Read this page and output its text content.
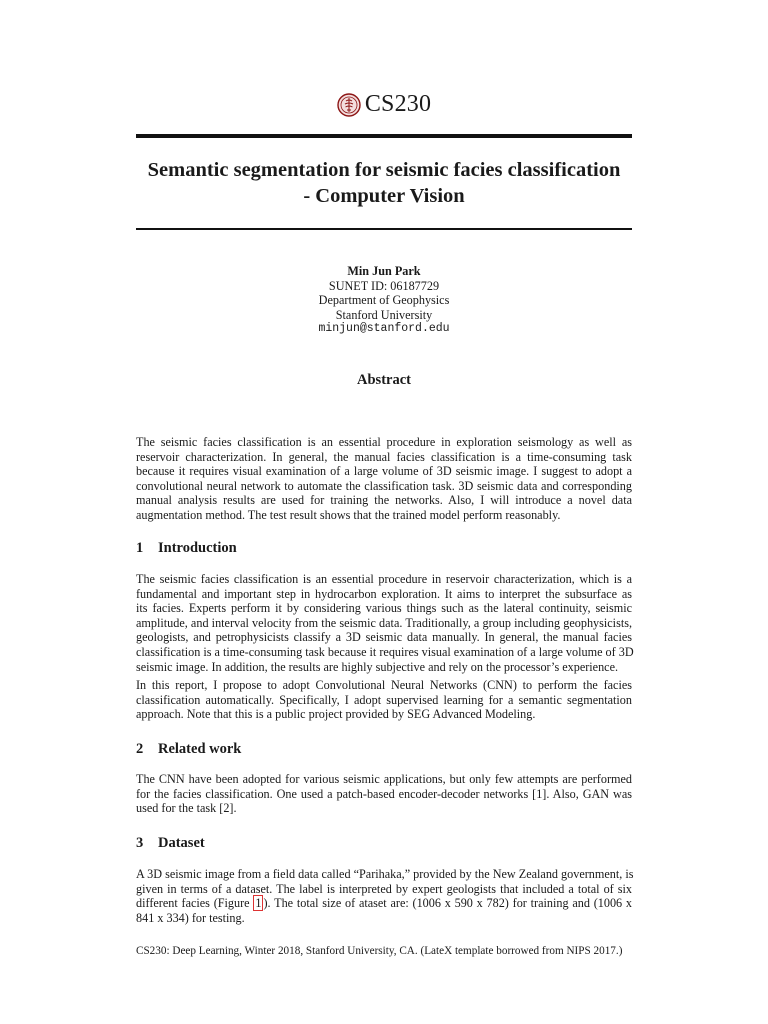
CS230
Semantic segmentation for seismic facies classification
- Computer Vision
Min Jun Park
SUNET ID: 06187729
Department of Geophysics
Stanford University
minjun@stanford.edu
Abstract
The seismic facies classification is an essential procedure in exploration seismology as well as
reservoir characterization. In general, the manual facies classification is a time-consuming task
because it requires visual examination of a large volume of 3D seismic image. I suggest to adopt a
convolutional neural network to automate the classification task. 3D seismic data and corresponding
manual analysis results are used for training the networks. Also, I will introduce a novel data
augmentation method. The test result shows that the trained model perform reasonably.
1 Introduction
The seismic facies classification is an essential procedure in reservoir characterization, which is a
fundamental and important step in hydrocarbon exploration. It aims to interpret the subsurface as
its facies. Experts perform it by considering various things such as the lateral continuity, seismic
amplitude, and interval velocity from the seismic data. Traditionally, a group including geophysicists,
geologists, and petrophysicists classify a 3D seismic data manually. In general, the manual facies
classification is a time-consuming task because it requires visual examination of a large volume of 3D
seismic image. In addition, the results are highly subjective and rely on the processor’s experience.
In this report, I propose to adopt Convolutional Neural Networks (CNN) to perform the facies
classification automatically. Specifically, I adopt supervised learning for a semantic segmentation
approach. Note that this is a public project provided by SEG Advanced Modeling.
2 Related work
The CNN have been adopted for various seismic applications, but only few attempts are performed
for the facies classification. One used a patch-based encoder-decoder networks [1]. Also, GAN was
used for the task [2].
3 Dataset
A 3D seismic image from a field data called “Parihaka,” provided by the New Zealand government, is
given in terms of a dataset. The label is interpreted by expert geologists that included a total of six
different facies (Figure 1 ). The total size of ataset are: (1006 x 590 x 782) for training and (1006 x
841 x 334) for testing.
CS230: Deep Learning, Winter 2018, Stanford University, CA. (LateX template borrowed from NIPS 2017.)
